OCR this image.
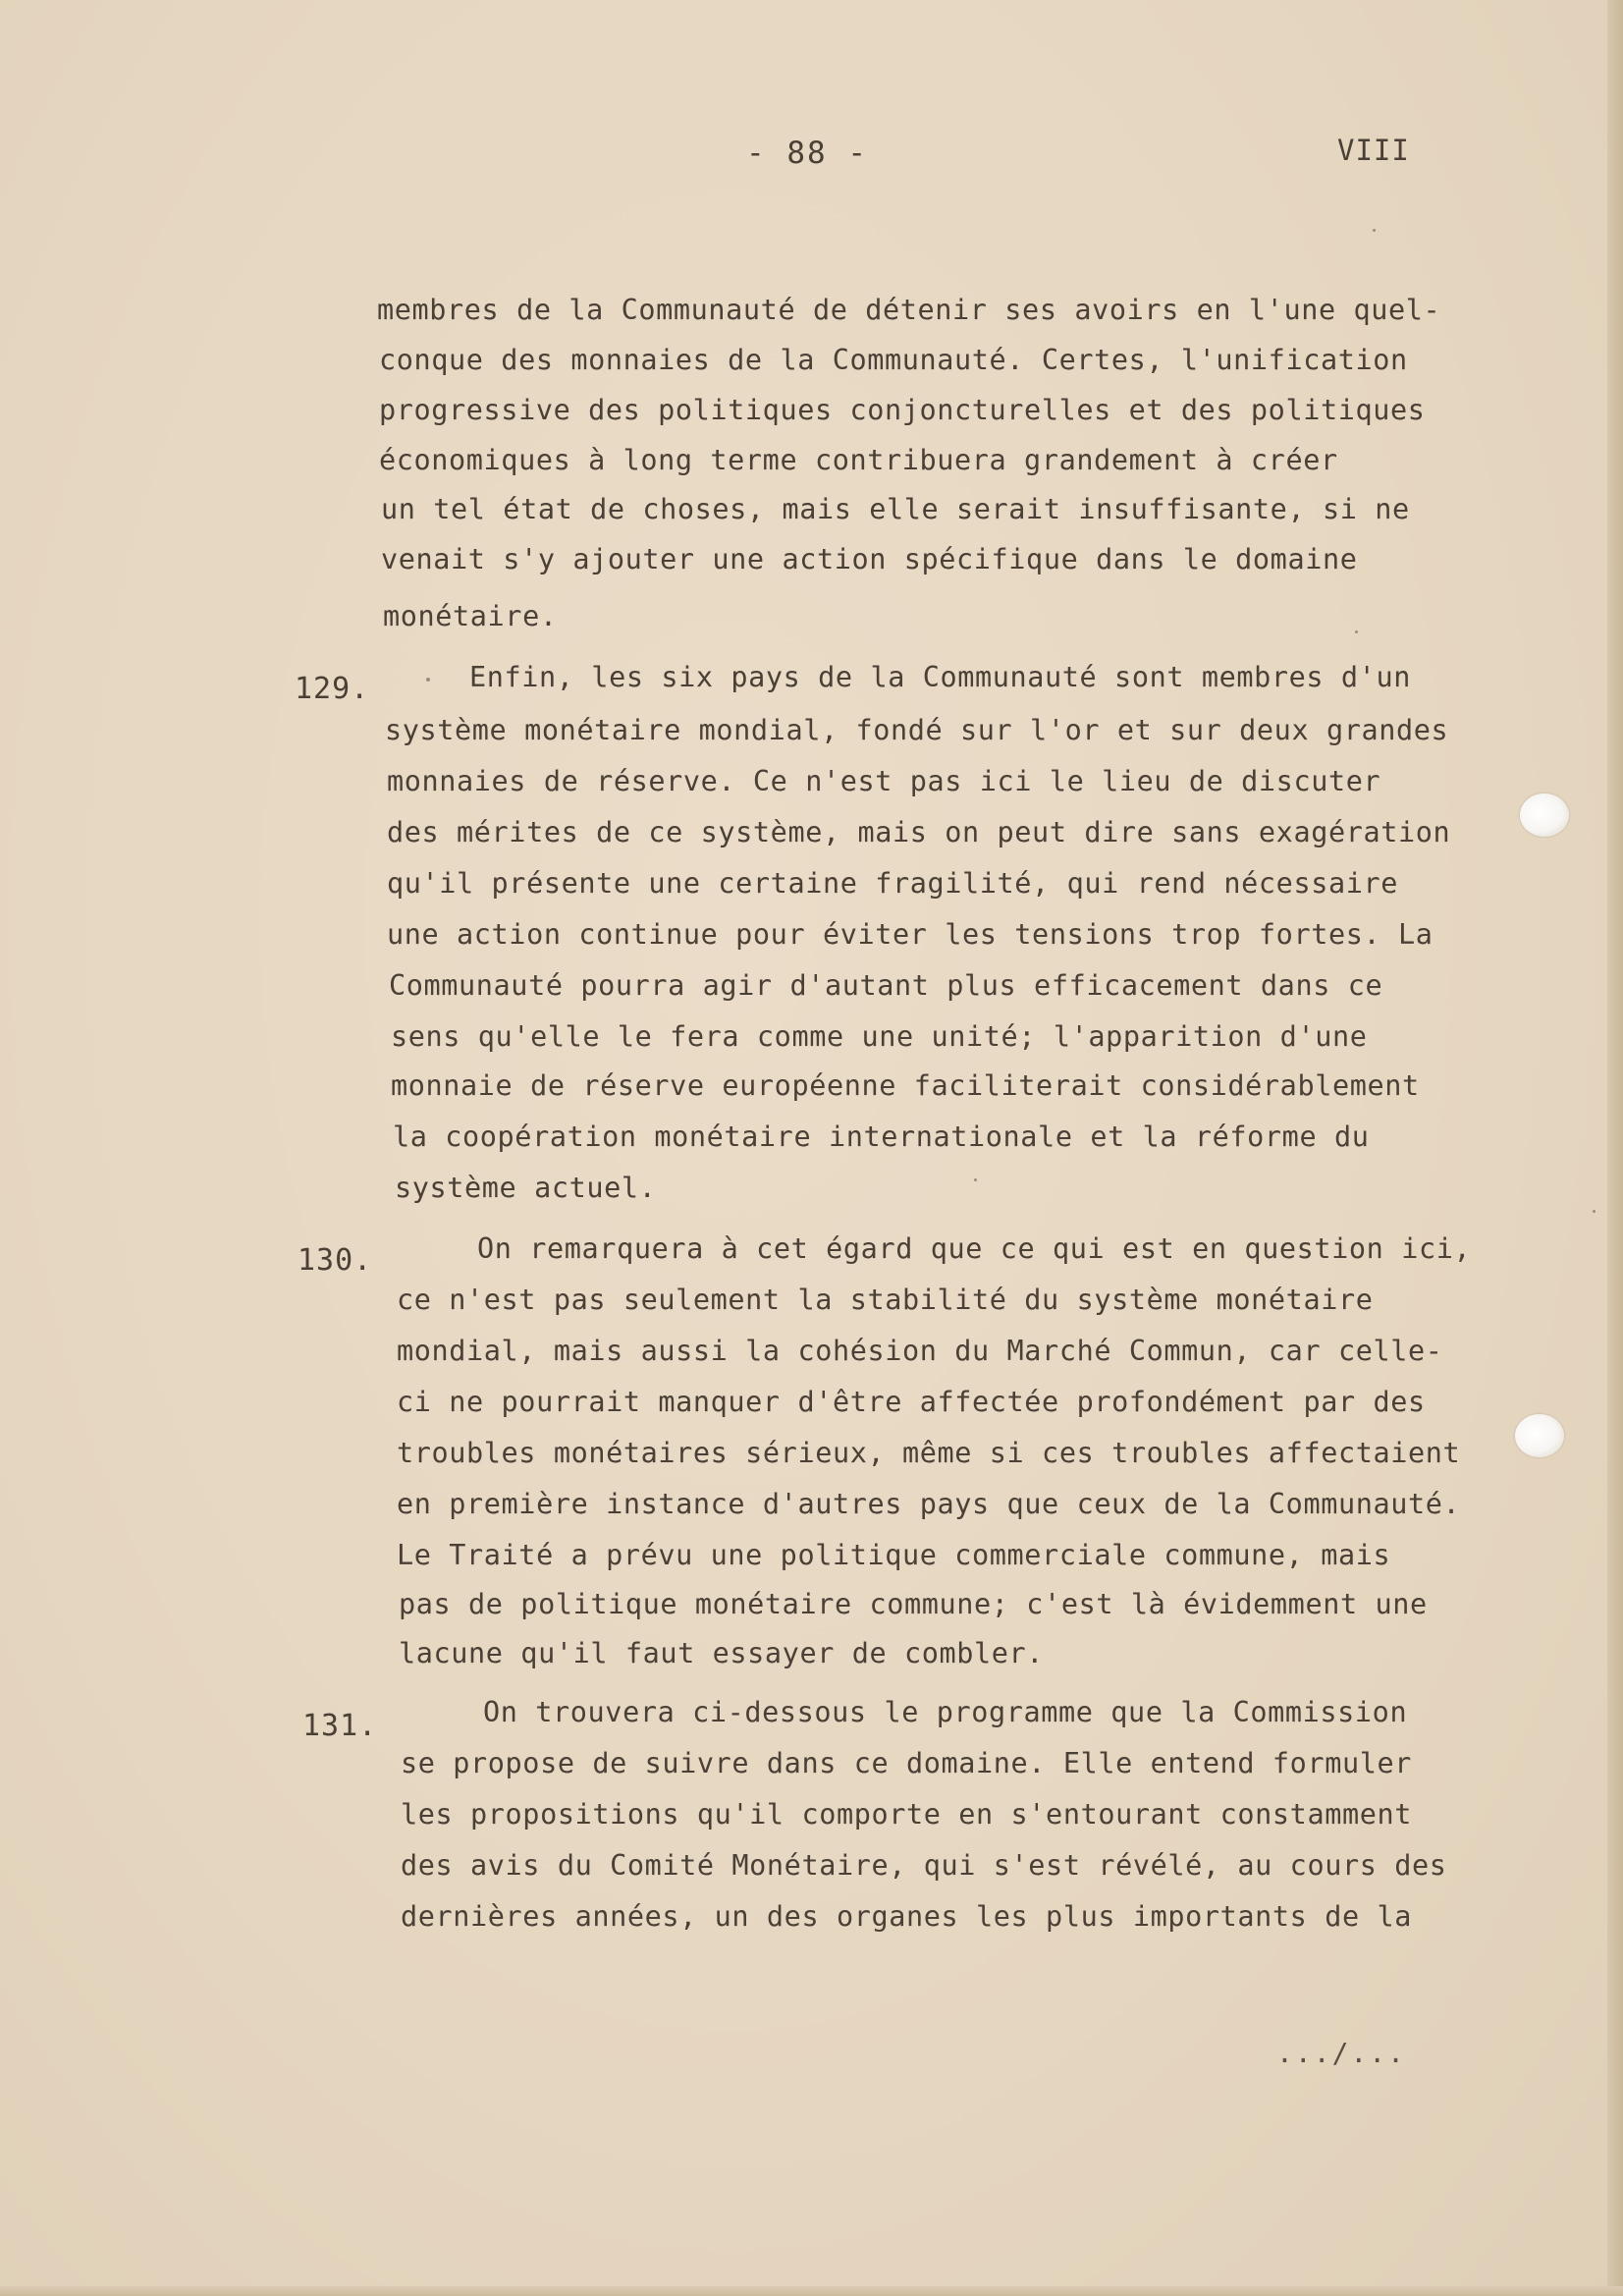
- 88 -	VIII
membres de la Communauté de détenir ses avoirs en l'une quel-
conque des monnaies de la Communauté. Certes, l'unification
progressive des politiques conjoncturelles et des politiques
économiques à long terme contribuera grandement à créer
un tel état de choses, mais elle serait insuffisante, si ne
venait s'y ajouter une action spécifique dans le domaine
monétaire.
129.	Enfin, les six pays de la Communauté sont membres d'un
système monétaire mondial, fondé sur l'or et sur deux grandes
monnaies de réserve. Ce n'est pas ici le lieu de discuter
des mérites de ce système, mais on peut dire sans exagération
qu'il présente une certaine fragilité, qui rend nécessaire
une action continue pour éviter les tensions trop fortes. La
Communauté pourra agir d'autant plus efficacement dans ce
sens qu'elle le fera comme une unité; l'apparition d'une
monnaie de réserve européenne faciliterait considérablement
la coopération monétaire internationale et la réforme du
système actuel.
130.	On remarquera à cet égard que ce qui est en question ici,
ce n'est pas seulement la stabilité du système monétaire
mondial, mais aussi la cohésion du Marché Commun, car celle-
ci ne pourrait manquer d'être affectée profondément par des
troubles monétaires sérieux, même si ces troubles affectaient
en première instance d'autres pays que ceux de la Communauté.
Le Traité a prévu une politique commerciale commune, mais
pas de politique monétaire commune; c'est là évidemment une
lacune qu'il faut essayer de combler.
131.	On trouvera ci-dessous le programme que la Commission
se propose de suivre dans ce domaine. Elle entend formuler
les propositions qu'il comporte en s'entourant constamment
des avis du Comité Monétaire, qui s'est révélé, au cours des
dernières années, un des organes les plus importants de la
.../...
